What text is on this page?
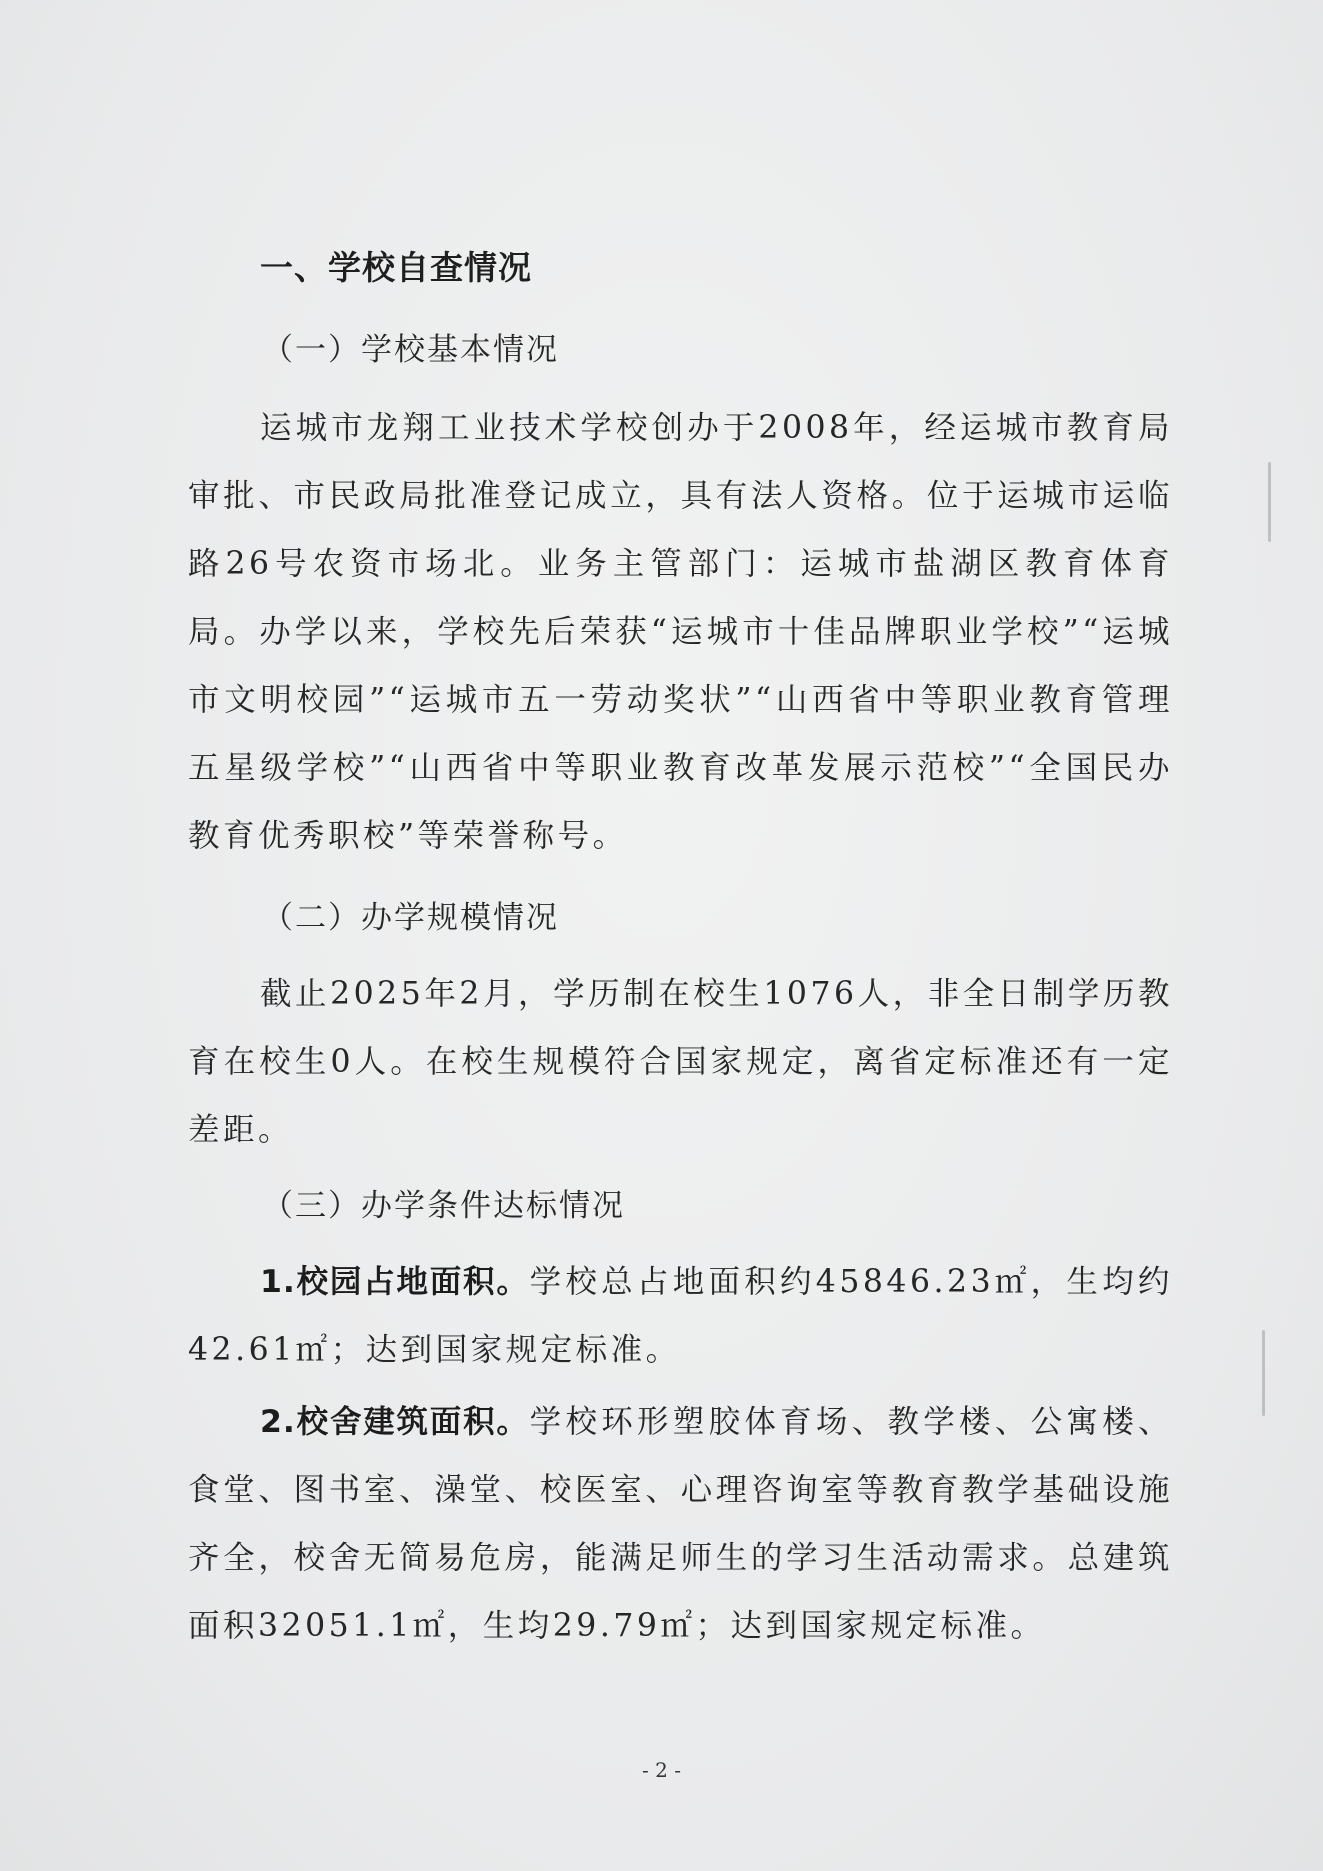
一、学校自查情况
（一）学校基本情况
运城市龙翔工业技术学校创办于2008年，经运城市教育局审批、市民政局批准登记成立，具有法人资格。位于运城市运临路26号农资市场北。业务主管部门：运城市盐湖区教育体育局。办学以来，学校先后荣获“运城市十佳品牌职业学校”“运城市文明校园”“运城市五一劳动奖状”“山西省中等职业教育管理五星级学校”“山西省中等职业教育改革发展示范校”“全国民办教育优秀职校”等荣誉称号。
（二）办学规模情况
截止2025年2月，学历制在校生1076人，非全日制学历教育在校生0人。在校生规模符合国家规定，离省定标准还有一定差距。
（三）办学条件达标情况
1.校园占地面积。学校总占地面积约45846.23㎡，生均约42.61㎡；达到国家规定标准。
2.校舍建筑面积。学校环形塑胶体育场、教学楼、公寓楼、食堂、图书室、澡堂、校医室、心理咨询室等教育教学基础设施齐全，校舍无简易危房，能满足师生的学习生活动需求。总建筑面积32051.1㎡，生均29.79㎡；达到国家规定标准。
- 2 -
